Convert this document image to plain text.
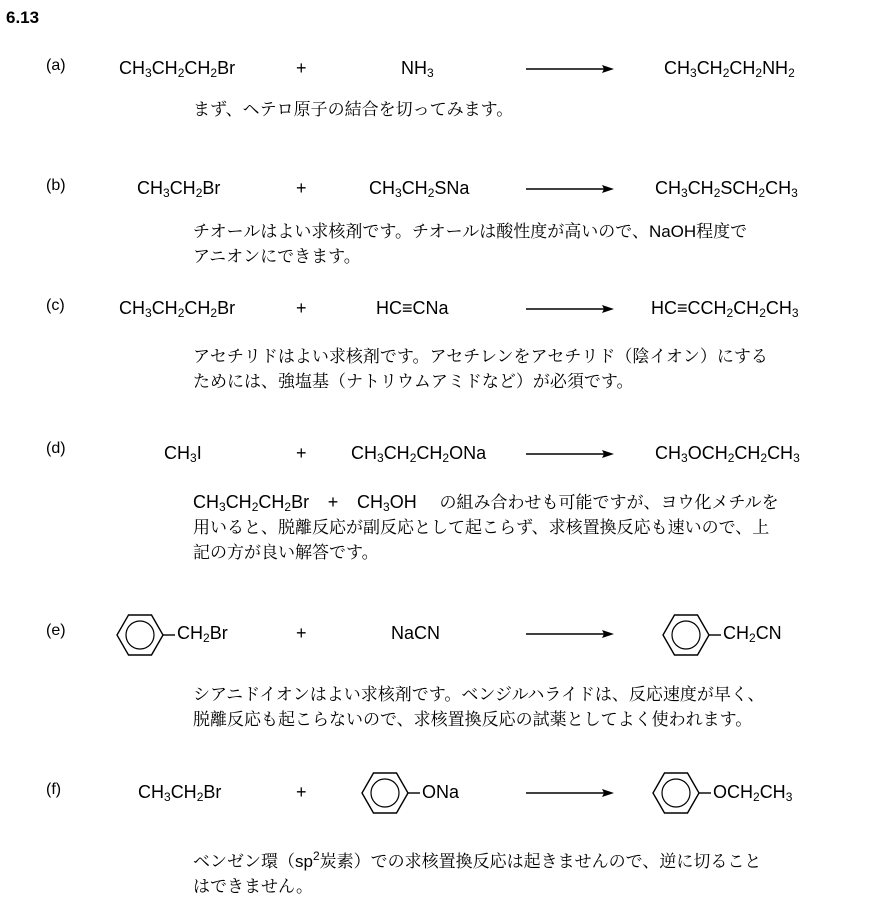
6.13
(a)	$CH_3CH_2CH_2Br$	+	$NH_3$	$CH_3CH_2CH_2NH_2$
まず、ヘテロ原子の結合を切ってみます。
(b)	$CH_3CH_2Br$	+	$CH_3CH_2SNa$	$CH_3CH_2SCH_2CH_3$
チオールはよい求核剤です。チオールは酸性度が高いので、NaOH程度で
アニオンにできます。
(c)	$CH_3CH_2CH_2Br$	+	HC≡CNa	$HC\equiv CCH_2CH_2CH_3$
アセチリドはよい求核剤です。アセチレンをアセチリド（陰イオン）にする
ためには、強塩基（ナトリウムアミドなど）が必須です。
(d)	$CH_3I$	+ $CH_3CH_2CH_2ONa$	$CH_3OCH_2CH_2CH_3$
$CH_3CH_2CH_2Br + CH_3OH$ の組み合わせも可能ですが、ヨウ化メチルを
用いると、脱離反応が副反応として起こらず、求核置換反応も速いので、上
記の方が良い解答です。
(e)	$CH_2Br$	+	NaCN	$CH_2CN$
シアニドイオンはよい求核剤です。ベンジルハライドは、反応速度が早く、
脱離反応も起こらないので、求核置換反応の試薬としてよく使われます。
(f)	$CH_3CH_2Br$	+	ONa	$OCH_2CH_3$
ベンゼン環（$sp^2$炭素）での求核置換反応は起きませんので、逆に切ること
はできません。
